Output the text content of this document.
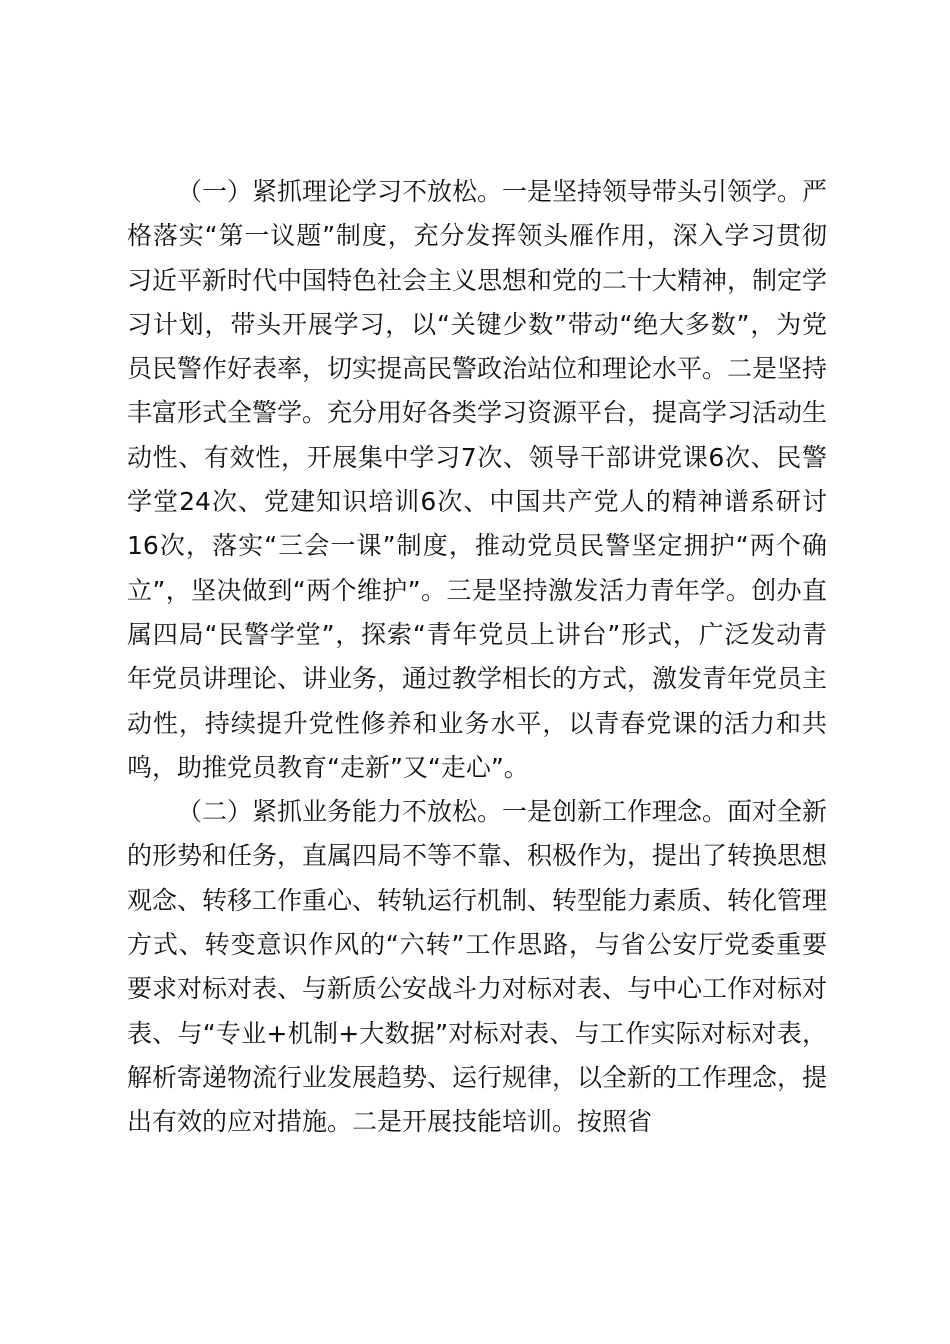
（一）紧抓理论学习不放松。一是坚持领导带头引领学。严格落实“第一议题”制度，充分发挥领头雁作用，深入学习贯彻习近平新时代中国特色社会主义思想和党的二十大精神，制定学习计划，带头开展学习，以“关键少数”带动“绝大多数”，为党员民警作好表率，切实提高民警政治站位和理论水平。二是坚持丰富形式全警学。充分用好各类学习资源平台，提高学习活动生动性、有效性，开展集中学习7次、领导干部讲党课6次、民警学堂24次、党建知识培训6次、中国共产党人的精神谱系研讨16次，落实“三会一课”制度，推动党员民警坚定拥护“两个确立”，坚决做到“两个维护”。三是坚持激发活力青年学。创办直属四局“民警学堂”，探索“青年党员上讲台”形式，广泛发动青年党员讲理论、讲业务，通过教学相长的方式，激发青年党员主动性，持续提升党性修养和业务水平，以青春党课的活力和共鸣，助推党员教育“走新”又“走心”。

（二）紧抓业务能力不放松。一是创新工作理念。面对全新的形势和任务，直属四局不等不靠、积极作为，提出了转换思想观念、转移工作重心、转轨运行机制、转型能力素质、转化管理方式、转变意识作风的“六转”工作思路，与省公安厅党委重要要求对标对表、与新质公安战斗力对标对表、与中心工作对标对表、与“专业+机制+大数据”对标对表、与工作实际对标对表，解析寄递物流行业发展趋势、运行规律，以全新的工作理念，提出有效的应对措施。二是开展技能培训。按照省
